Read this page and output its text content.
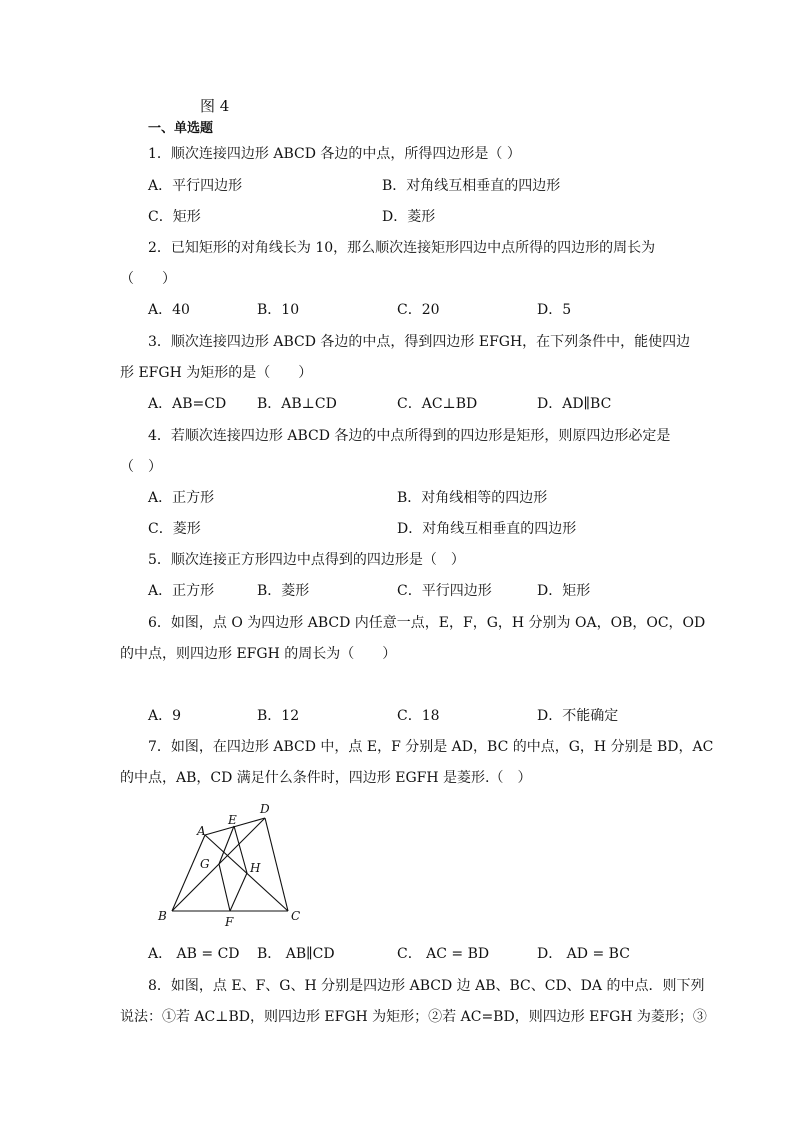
图 4
一、单选题
1．顺次连接四边形 ABCD 各边的中点，所得四边形是（ ）
A．平行四边形	B．对角线互相垂直的四边形
C．矩形	D．菱形
2．已知矩形的对角线长为 10，那么顺次连接矩形四边中点所得的四边形的周长为
（　　）
A．40	B．10	C．20	D．5
3．顺次连接四边形 ABCD 各边的中点，得到四边形 EFGH，在下列条件中，能使四边
形 EFGH 为矩形的是（　　）
A．AB=CD B．AB⊥CD	C．AC⊥BD	D．AD∥BC
4．若顺次连接四边形 ABCD 各边的中点所得到的四边形是矩形，则原四边形必定是
（　）
A．正方形	B．对角线相等的四边形
C．菱形	D．对角线互相垂直的四边形
5．顺次连接正方形四边中点得到的四边形是（　）
A．正方形	B．菱形	C．平行四边形	D．矩形
6．如图，点 O 为四边形 ABCD 内任意一点，E，F，G，H 分别为 OA，OB，OC，OD
的中点，则四边形 EFGH 的周长为（　　）
A．9	B．12	C．18	D．不能确定
7．如图，在四边形 ABCD 中，点 E，F 分别是 AD，BC 的中点，G，H 分别是 BD，AC
的中点，AB，CD 满足什么条件时，四边形 EGFH 是菱形.（　）
A
B	C
D
E
F
G	H
A． AB = CD B． AB∥CD	C． AC = BD	D． AD = BC
8．如图，点 E、F、G、H 分别是四边形 ABCD 边 AB、BC、CD、DA 的中点．则下列
说法：①若 AC⊥BD，则四边形 EFGH 为矩形；②若 AC=BD，则四边形 EFGH 为菱形；③
